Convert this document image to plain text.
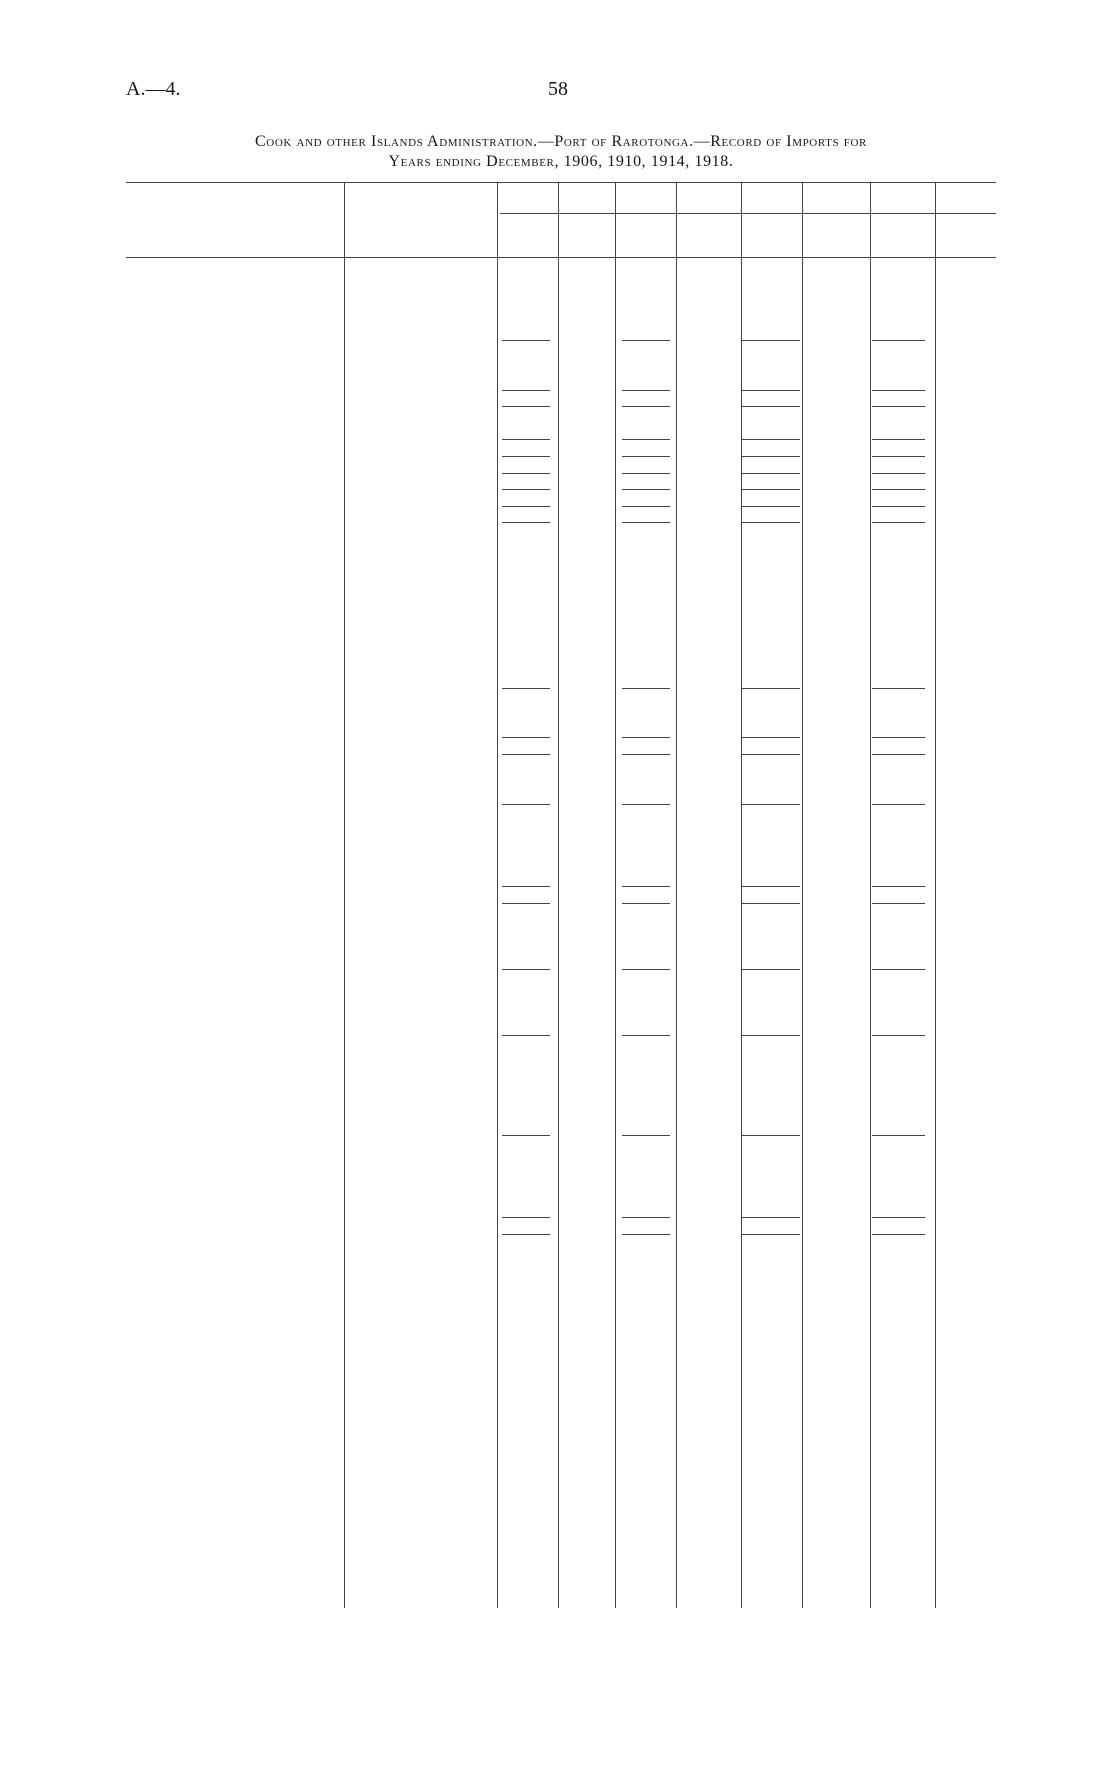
A.—4.	58
Cook and other Islands Administration.—Port of Rarotonga.—Record of Imports for
Years ending December, 1906, 1910, 1914, 1918.
